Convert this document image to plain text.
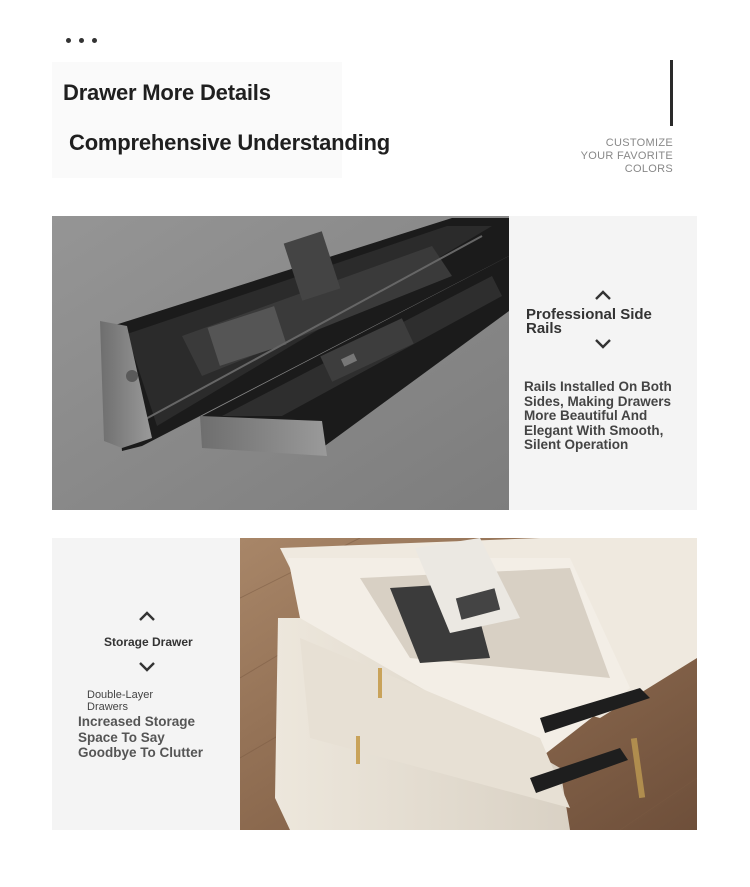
Drawer More Details
Comprehensive Understanding	CUSTOMIZE
YOUR FAVORITE
COLORS
Professional Side Rails
Rails Installed On Both Sides, Making Drawers More Beautiful And Elegant With Smooth, Silent Operation
Storage Drawer
Double-Layer Drawers
Increased Storage Space To Say Goodbye To Clutter
